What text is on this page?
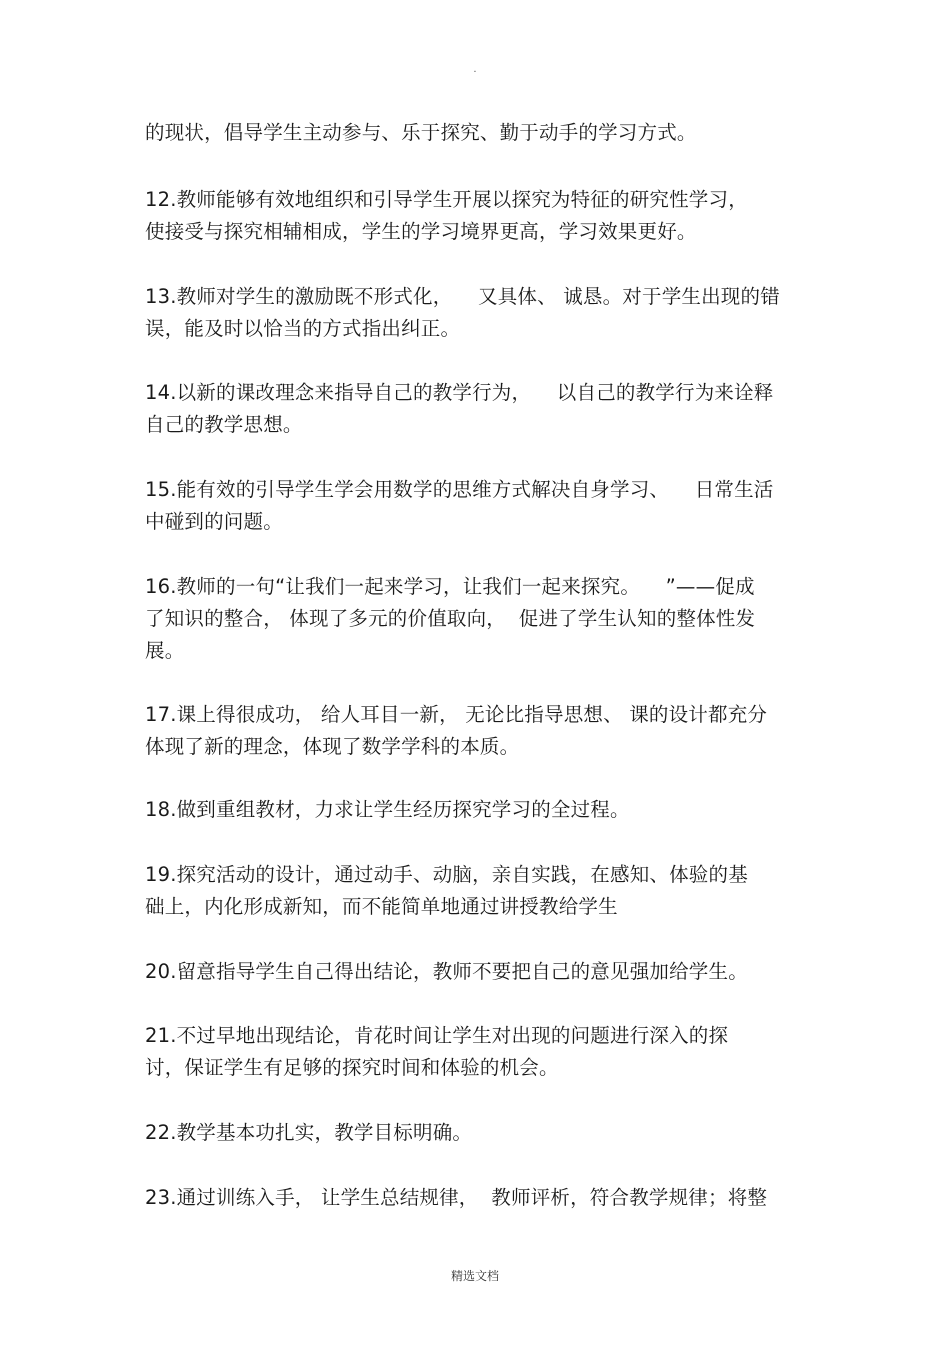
.
的现状，倡导学生主动参与、乐于探究、勤于动手的学习方式。
12.教师能够有效地组织和引导学生开展以探究为特征的研究性学习，
使接受与探究相辅相成，学生的学习境界更高，学习效果更好。
13.教师对学生的激励既不形式化，    又具体、 诚恳。对于学生出现的错
误，能及时以恰当的方式指出纠正。
14.以新的课改理念来指导自己的教学行为，    以自己的教学行为来诠释
自己的教学思想。
15.能有效的引导学生学会用数学的思维方式解决自身学习、    日常生活
中碰到的问题。
16.教师的一句“让我们一起来学习，让我们一起来探究。    ”——促成
了知识的整合， 体现了多元的价值取向，  促进了学生认知的整体性发
展。
17.课上得很成功， 给人耳目一新， 无论比指导思想、 课的设计都充分
体现了新的理念，体现了数学学科的本质。
18.做到重组教材，力求让学生经历探究学习的全过程。
19.探究活动的设计，通过动手、动脑，亲自实践，在感知、体验的基
础上，内化形成新知，而不能简单地通过讲授教给学生
20.留意指导学生自己得出结论，教师不要把自己的意见强加给学生。
21.不过早地出现结论，肯花时间让学生对出现的问题进行深入的探
讨，保证学生有足够的探究时间和体验的机会。
22.教学基本功扎实，教学目标明确。
23.通过训练入手， 让学生总结规律，  教师评析，符合教学规律；将整
精选文档
